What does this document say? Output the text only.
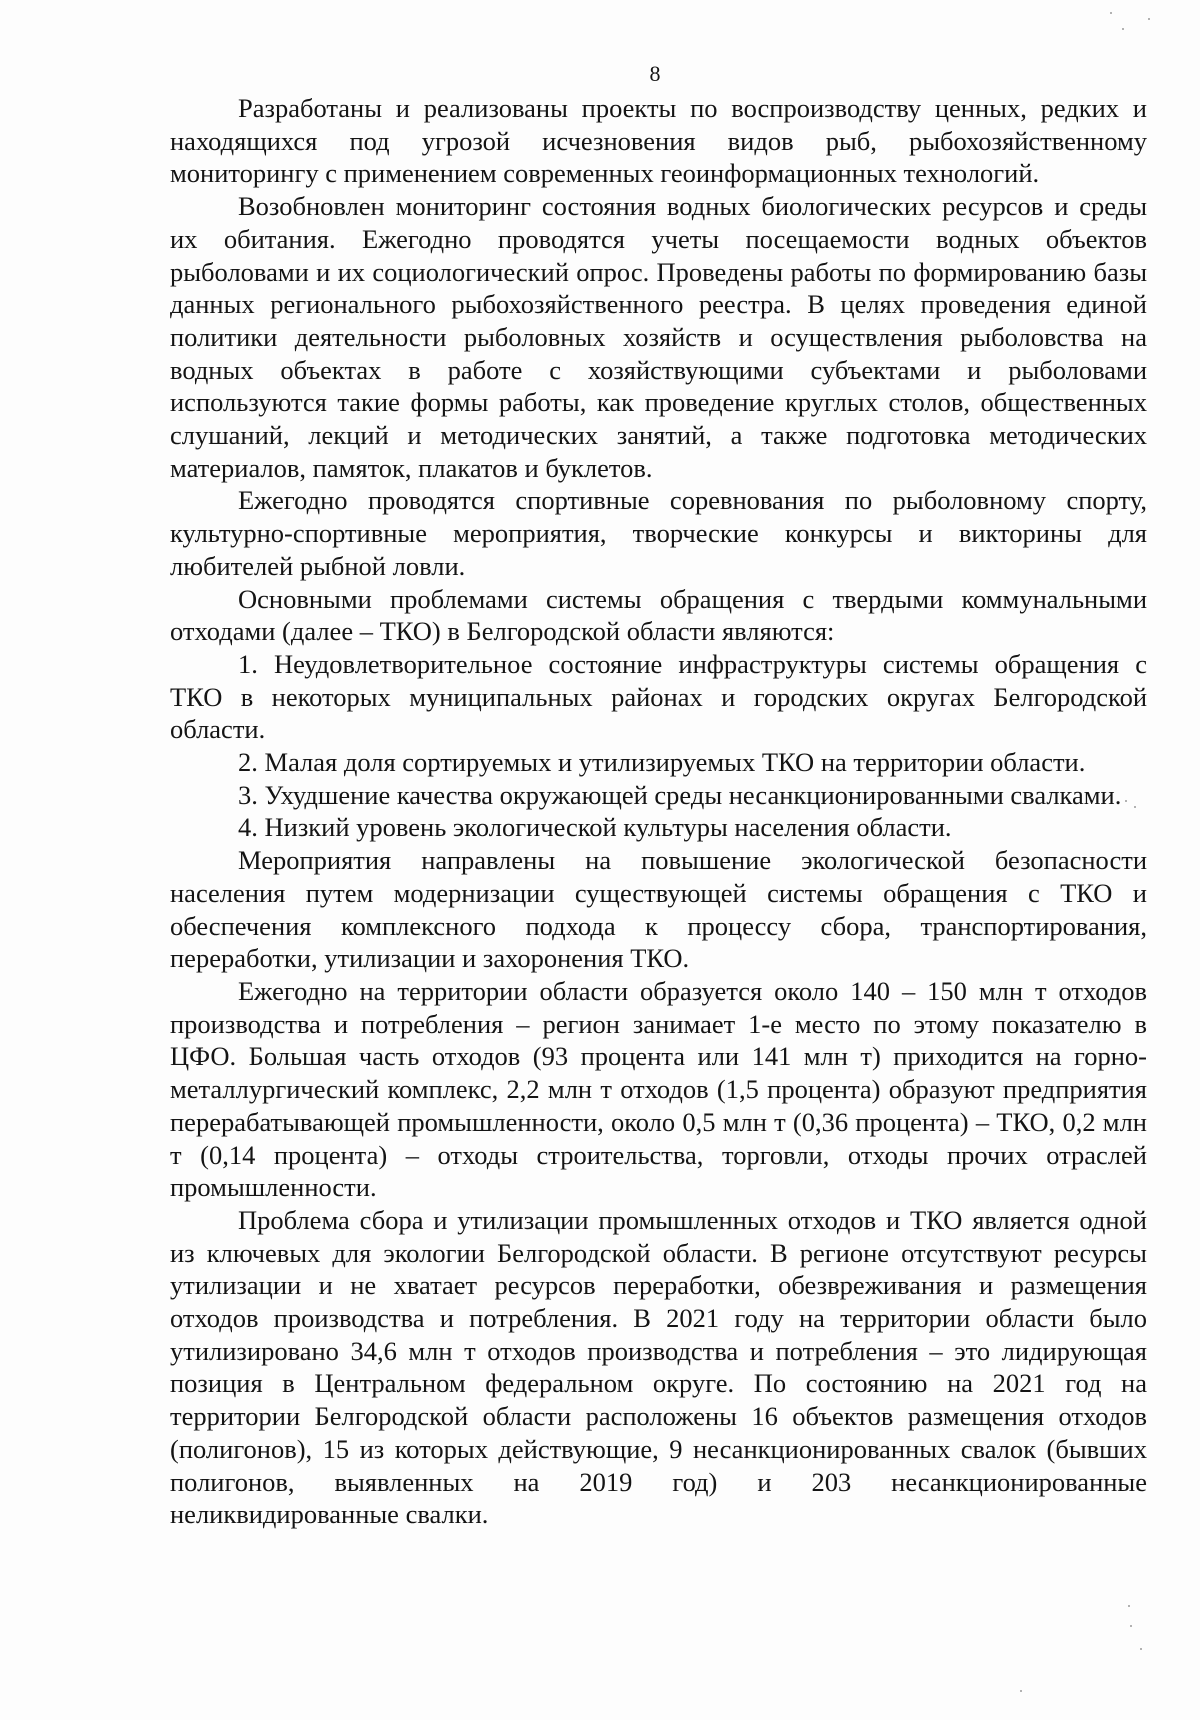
8

Разработаны и реализованы проекты по воспроизводству ценных, редких и находящихся под угрозой исчезновения видов рыб, рыбохозяйственному мониторингу с применением современных геоинформационных технологий.

Возобновлен мониторинг состояния водных биологических ресурсов и среды их обитания. Ежегодно проводятся учеты посещаемости водных объектов рыболовами и их социологический опрос. Проведены работы по формированию базы данных регионального рыбохозяйственного реестра. В целях проведения единой политики деятельности рыболовных хозяйств и осуществления рыболовства на водных объектах в работе с хозяйствующими субъектами и рыболовами используются такие формы работы, как проведение круглых столов, общественных слушаний, лекций и методических занятий, а также подготовка методических материалов, памяток, плакатов и буклетов.

Ежегодно проводятся спортивные соревнования по рыболовному спорту, культурно-спортивные мероприятия, творческие конкурсы и викторины для любителей рыбной ловли.

Основными проблемами системы обращения с твердыми коммунальными отходами (далее – ТКО) в Белгородской области являются:

1. Неудовлетворительное состояние инфраструктуры системы обращения с ТКО в некоторых муниципальных районах и городских округах Белгородской области.

2. Малая доля сортируемых и утилизируемых ТКО на территории области.

3. Ухудшение качества окружающей среды несанкционированными свалками.

4. Низкий уровень экологической культуры населения области.

Мероприятия направлены на повышение экологической безопасности населения путем модернизации существующей системы обращения с ТКО и обеспечения комплексного подхода к процессу сбора, транспортирования, переработки, утилизации и захоронения ТКО.

Ежегодно на территории области образуется около 140 – 150 млн т отходов производства и потребления – регион занимает 1-е место по этому показателю в ЦФО. Большая часть отходов (93 процента или 141 млн т) приходится на горно-металлургический комплекс, 2,2 млн т отходов (1,5 процента) образуют предприятия перерабатывающей промышленности, около 0,5 млн т (0,36 процента) – ТКО, 0,2 млн т (0,14 процента) – отходы строительства, торговли, отходы прочих отраслей промышленности.

Проблема сбора и утилизации промышленных отходов и ТКО является одной из ключевых для экологии Белгородской области. В регионе отсутствуют ресурсы утилизации и не хватает ресурсов переработки, обезвреживания и размещения отходов производства и потребления. В 2021 году на территории области было утилизировано 34,6 млн т отходов производства и потребления – это лидирующая позиция в Центральном федеральном округе. По состоянию на 2021 год на территории Белгородской области расположены 16 объектов размещения отходов (полигонов), 15 из которых действующие, 9 несанкционированных свалок (бывших полигонов, выявленных на 2019 год) и 203 несанкционированные неликвидированные свалки.
